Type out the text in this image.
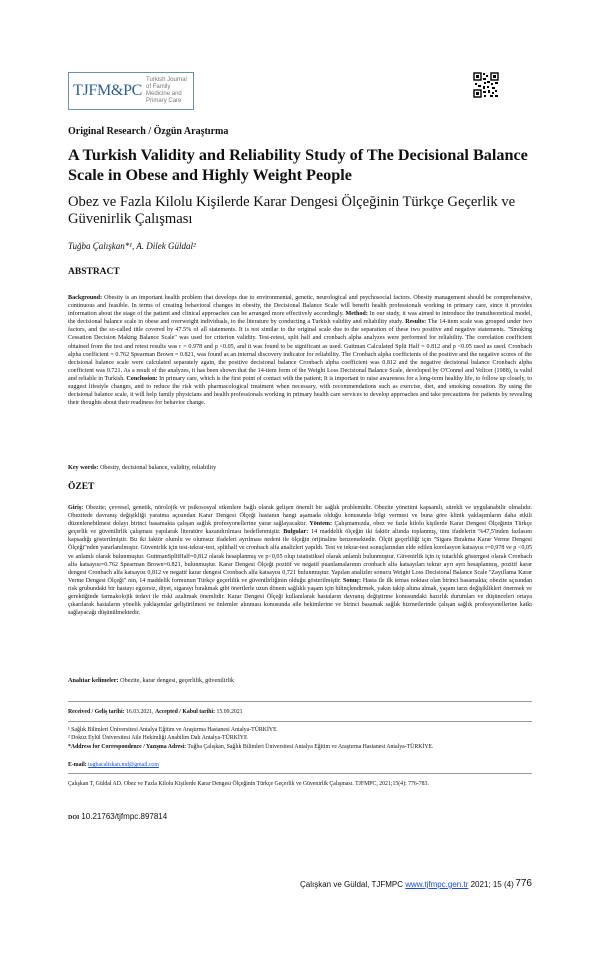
TJFM&PC
Turkish Journal of Family Medicine and Primary Care
Original Research / Özgün Araştırma
A Turkish Validity and Reliability Study of The Decisional Balance Scale in Obese and Highly Weight People
Obez ve Fazla Kilolu Kişilerde Karar Dengesi Ölçeğinin Türkçe Geçerlik ve Güvenirlik Çalışması
Tuğba Çalışkan*¹, A. Dilek Güldal²
ABSTRACT
Background: Obesity is an important health problem that develops due to environmental, genetic, neurological and psychosocial factors. Obesity management should be comprehensive, continuous and feasible. In terms of creating behavioral changes in obesity, the Decisional Balance Scale will benefit health professionals working in primary care, since it provides information about the stage of the patient and clinical approaches can be arranged more effectively accordingly. Method: In our study, it was aimed to introduce the transtheoretical model, the decisional balance scale in obese and overweight individuals, to the literature by conducting a Turkish validity and reliability study. Results: The 14-item scale was grouped under two factors, and the so-called title covered by 47.5% of all statements. It is not similar to the original scale due to the separation of these two positive and negative statements. "Smoking Cessation Decision Making Balance Scale" was used for criterion validity. Test-retest, split half and cronbach alpha analyzes were performed for reliability. The correlation coefficient obtained from the test and retest results was r = 0.978 and p <0.05, and it was found to be significant as used. Guttman Calculated Split Half = 0.812 and p <0.05 used as used. Cronbach alpha coefficient = 0.762 Spearman Brown = 0.821, was found as an internal discovery indicator for reliability. The Cronbach alpha coefficients of the positive and the negative scores of the decisional balance scale were calculated separately again, the positive decisional balance Cronbach alpha coefficient was 0.812 and the negative decisional balance Cronbach alpha coefficient was 0.721. As a result of the analyzes, it has been shown that the 14-item form of the Weight Loss Decisional Balance Scale, developed by O'Connel and Velicer (1988), is valid and reliable in Turkish. Conclusion: In primary care, which is the first point of contact with the patient; It is important to raise awareness for a long-term healthy life, to follow up closely, to suggest lifestyle changes, and to reduce the risk with pharmacological treatment when necessary, with recommendations such as exercise, diet, and smoking cessation. By using the decisional balance scale, it will help family physicians and health professionals working in primary health care services to develop approaches and take precautions for patients by revealing their thoughts about their readiness for behavior change.
Key words: Obesity, decisional balance, validity, reliability
ÖZET
Giriş: Obezite; çevresel, genetik, nörolojik ve psikososyal etkenlere bağlı olarak gelişen önemli bir sağlık problemidir. Obezite yönetimi kapsamlı, sürekli ve uygulanabilir olmalıdır. Obezitede davranış değişikliği yaratma açısından Karar Dengesi Ölçeği hastanın hangi aşamada olduğu konusunda bilgi vermesi ve buna göre klinik yaklaşımların daha etkili düzenlenebilmesi dolayı birinci basamakta çalışan sağlık profesyonellerine yarar sağlayacaktır. Yöntem: Çalışmamızda, obez ve fazla kilolu kişilerde Karar Dengesi Ölçeğinin Türkçe geçerlik ve güvenilirlik çalışması yapılarak literatüre kazandırılması hedeflenmiştir. Bulgular: 14 maddelik ölçeğin iki faktör altında toplanmış, tüm ifadelerin %47,5'inden fazlasını kapsadığı gösterilmiştir. Bu iki faktör olumlu ve olumsuz ifadeleri ayrılması nedeni ile ölçeğin orijinaline benzemektedir. Ölçüt geçerliliği için "Sigara Bırakma Karar Verme Dengesi Ölçeği"nden yararlanılmıştır. Güvenirlik için test-tekrar-test, splithalf ve cronbach alfa analizleri yapıldı. Test ve tekrar-test sonuçlarından elde edilen korelasyon katsayısı r=0,978 ve p <0,05 ve anlamlı olarak bulunmuştur. GuttmanSplitHalf=0,812 olarak hesaplanmış ve p<0,05 olup istatistiksel olarak anlamlı bulunmuştur. Güvenirlik için iç tutarlılık göstergesi olarak Cronbach alfa katsayısı=0.762 Spearman Brown=0.821, bulunmuştur. Karar Dengesi Ölçeği pozitif ve negatif puanlamalarının cronbach alfa katsayıları tekrar ayrı ayrı hesaplanmış, pozitif karar dengesi Cronbach alfa katsayısı 0,812 ve negatif karar dengesi Cronbach alfa katsayısı 0,721 bulunmuştur. Yapılan analizler sonucu Weight Loss Decisional Balance Scale "Zayıflama Karar Verme Dengesi Ölçeği" nin, 14 maddelik formunun Türkçe geçerlilik ve güvenilirliğinin olduğu gösterilmiştir. Sonuç: Hasta ile ilk temas noktası olan birinci basamakta; obezite açısından risk grubundaki bir hastayı egzersiz, diyet, sigarayı bırakmak gibi önerilerle uzun dönem sağlıklı yaşam için bilinçlendirmek, yakın takip altına almak, yaşam tarzı değişiklikleri önermek ve gerektiğinde farmakolojik tedavi ile riski azaltmak önemlidir. Karar Dengesi Ölçeği kullanılarak hastaların davranış değiştirme konusundaki hazırlık durumları ve düşünceleri ortaya çıkarılarak hastaların yönelik yaklaşımlar geliştirilmesi ve önlemler alınması konusunda aile hekimlerine ve birinci basamak sağlık hizmetlerinde çalışan sağlık profesyonellerine katkı sağlayacağı düşünülmektedir.
Anahtar kelimeler: Obezite, karar dengesi, geçerlilik, güvenilirlik
Received / Geliş tarihi: 16.03.2021, Accepted / Kabul tarihi: 15.09.2021
¹ Sağlık Bilimleri Üniversitesi Antalya Eğitim ve Araştırma Hastanesi Antalya-TÜRKİYE
² Dokuz Eylül Üniversitesi Aile Hekimliği Anabilim Dalı Antalya-TÜRKİYE
*Address for Correspondence / Yazışma Adresi: Tuğba Çalışkan, Sağlık Bilimleri Üniversitesi Antalya Eğitim ve Araştırma Hastanesi Antalya-TÜRKİYE.
E-mail: tugbacaliskan.md@gmail.com
Çalışkan T, Güldal AD. Obez ve Fazla Kilolu Kişilerde Karar Dengesi Ölçeğinin Türkçe Geçerlik ve Güvenirlik Çalışması. TJFMPC, 2021;15(4): 776-783.
DOI 10.21763/tjfmpc.897814
Çalışkan ve Güldal, TJFMPC www.tjfmpc.gen.tr 2021; 15 (4) 776
